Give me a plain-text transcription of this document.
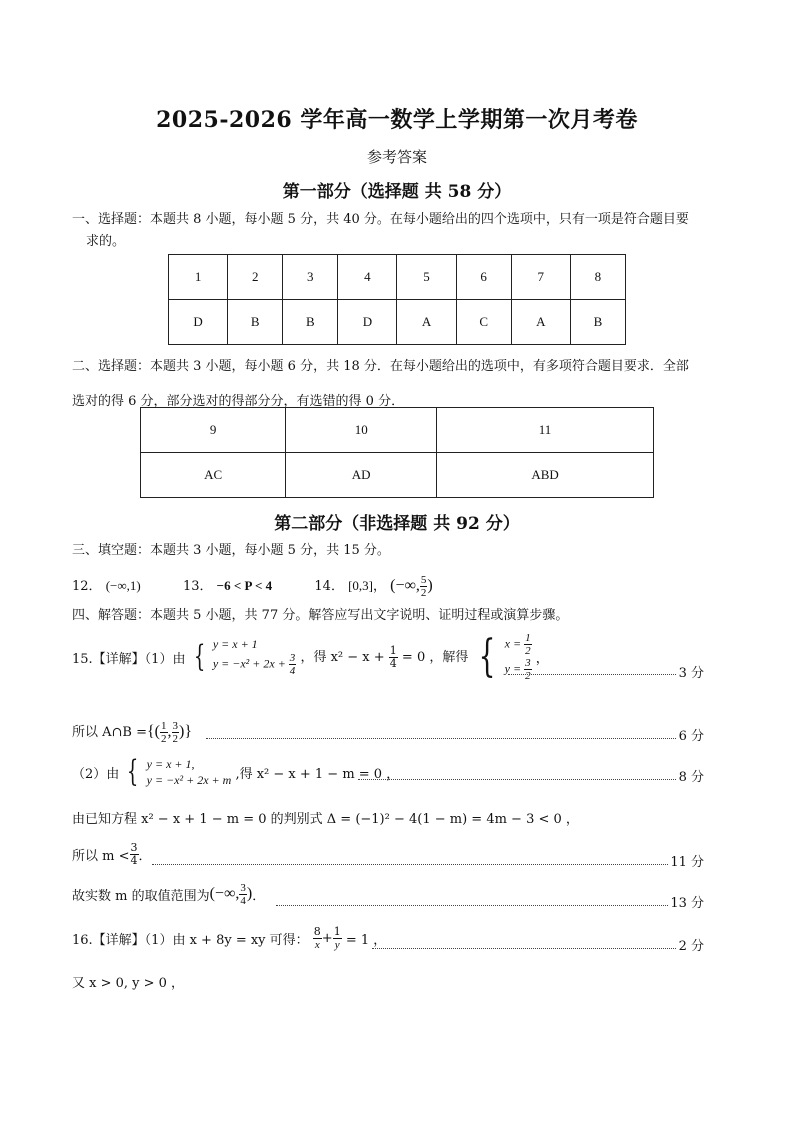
2025-2026 学年高一数学上学期第一次月考卷
参考答案
第一部分（选择题 共 58 分）
一、选择题：本题共 8 小题，每小题 5 分，共 40 分。在每小题给出的四个选项中，只有一项是符合题目要
求的。
1	2	3	4	5	6	7	8
D	B	B	D	A	C	A	B
二、选择题：本题共 3 小题，每小题 6 分，共 18 分．在每小题给出的选项中，有多项符合题目要求．全部
选对的得 6 分，部分选对的得部分分，有选错的得 0 分．
9	10	11
AC	AD	ABD
第二部分（非选择题 共 92 分）
三、填空题：本题共 3 小题，每小题 5 分，共 15 分。
12． (−∞,1)	13． −6 < P < 4	14． [0,3]， (−∞, $\frac{5}{2}$ )
四、解答题：本题共 5 小题，共 77 分。解答应写出文字说明、证明过程或演算步骤。
15.【详解】（1）由 { y = x + 1
$y = -x^2 + 2x + \frac{3}{4}$ ，得 $x^2 - x + \frac{1}{4} = 0$ ，解得 { $x = \frac{1}{2}$
$y = \frac{3}{2}$ ，
3 分
所以 A∩B ={( $\frac{1}{2}$ , $\frac{3}{2}$ )}	6 分
（2）由 { y = x + 1,
y = −x² + 2x + m ,得 x² − x + 1 − m = 0 ，	8 分
由已知方程 x² − x + 1 − m = 0 的判别式 Δ = (−1)² − 4(1 − m) = 4m − 3 < 0 ，
所以 $m < \frac{3}{4}$ ．	11 分
故实数 m 的取值范围为(−∞, $\frac{3}{4}$ )．	13 分
16.【详解】（1）由 x + 8y = xy 可得： $\frac{8}{x} + \frac{1}{y} = 1$ ，	2 分
又 x > 0, y > 0 ，
